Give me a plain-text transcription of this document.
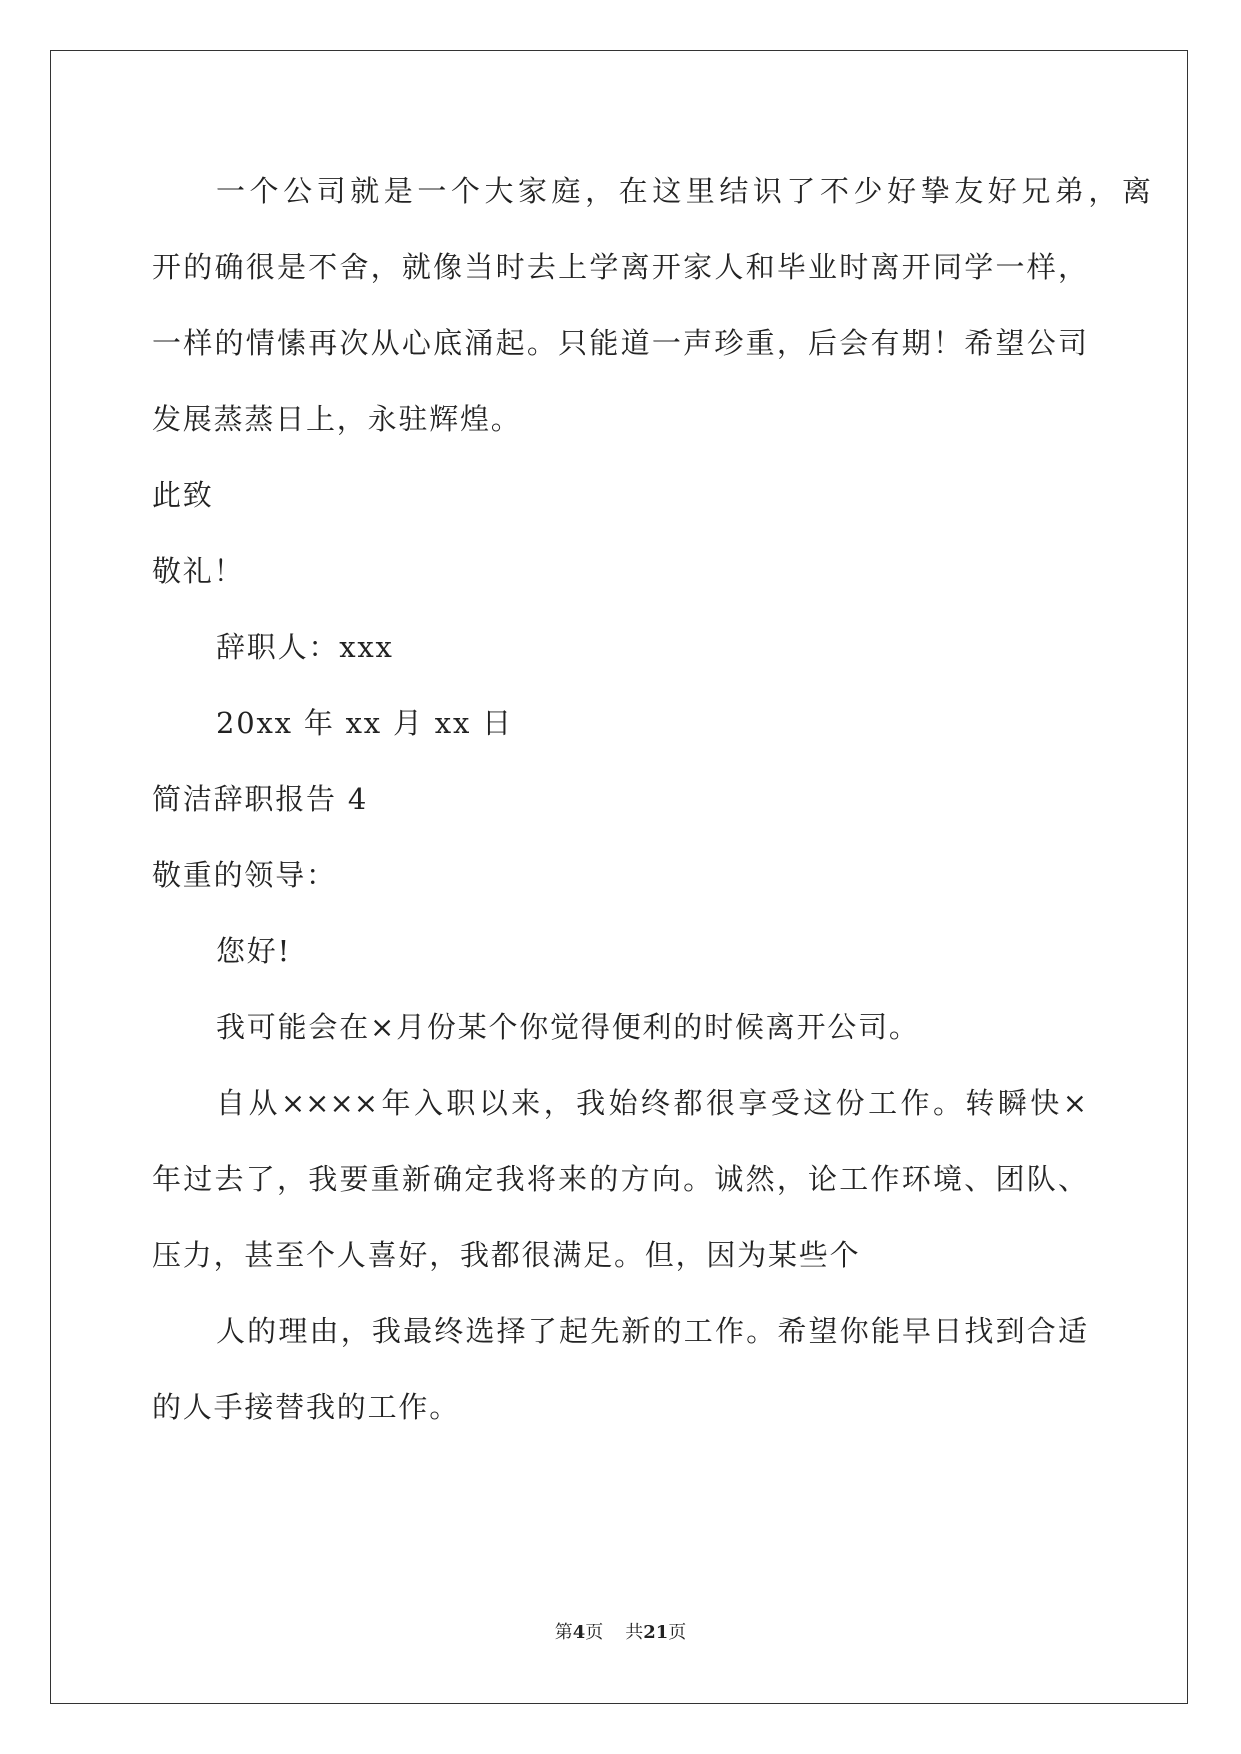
一个公司就是一个大家庭，在这里结识了不少好挚友好兄弟，离
开的确很是不舍，就像当时去上学离开家人和毕业时离开同学一样，
一样的情愫再次从心底涌起。只能道一声珍重，后会有期！希望公司
发展蒸蒸日上，永驻辉煌。
此致
敬礼！
辞职人：xxx
20xx 年 xx 月 xx 日
简洁辞职报告 4
敬重的领导：
您好!
我可能会在×月份某个你觉得便利的时候离开公司。
自从××××年入职以来，我始终都很享受这份工作。转瞬快×
年过去了，我要重新确定我将来的方向。诚然，论工作环境、团队、
压力，甚至个人喜好，我都很满足。但，因为某些个
人的理由，我最终选择了起先新的工作。希望你能早日找到合适
的人手接替我的工作。
第4页 共21页
